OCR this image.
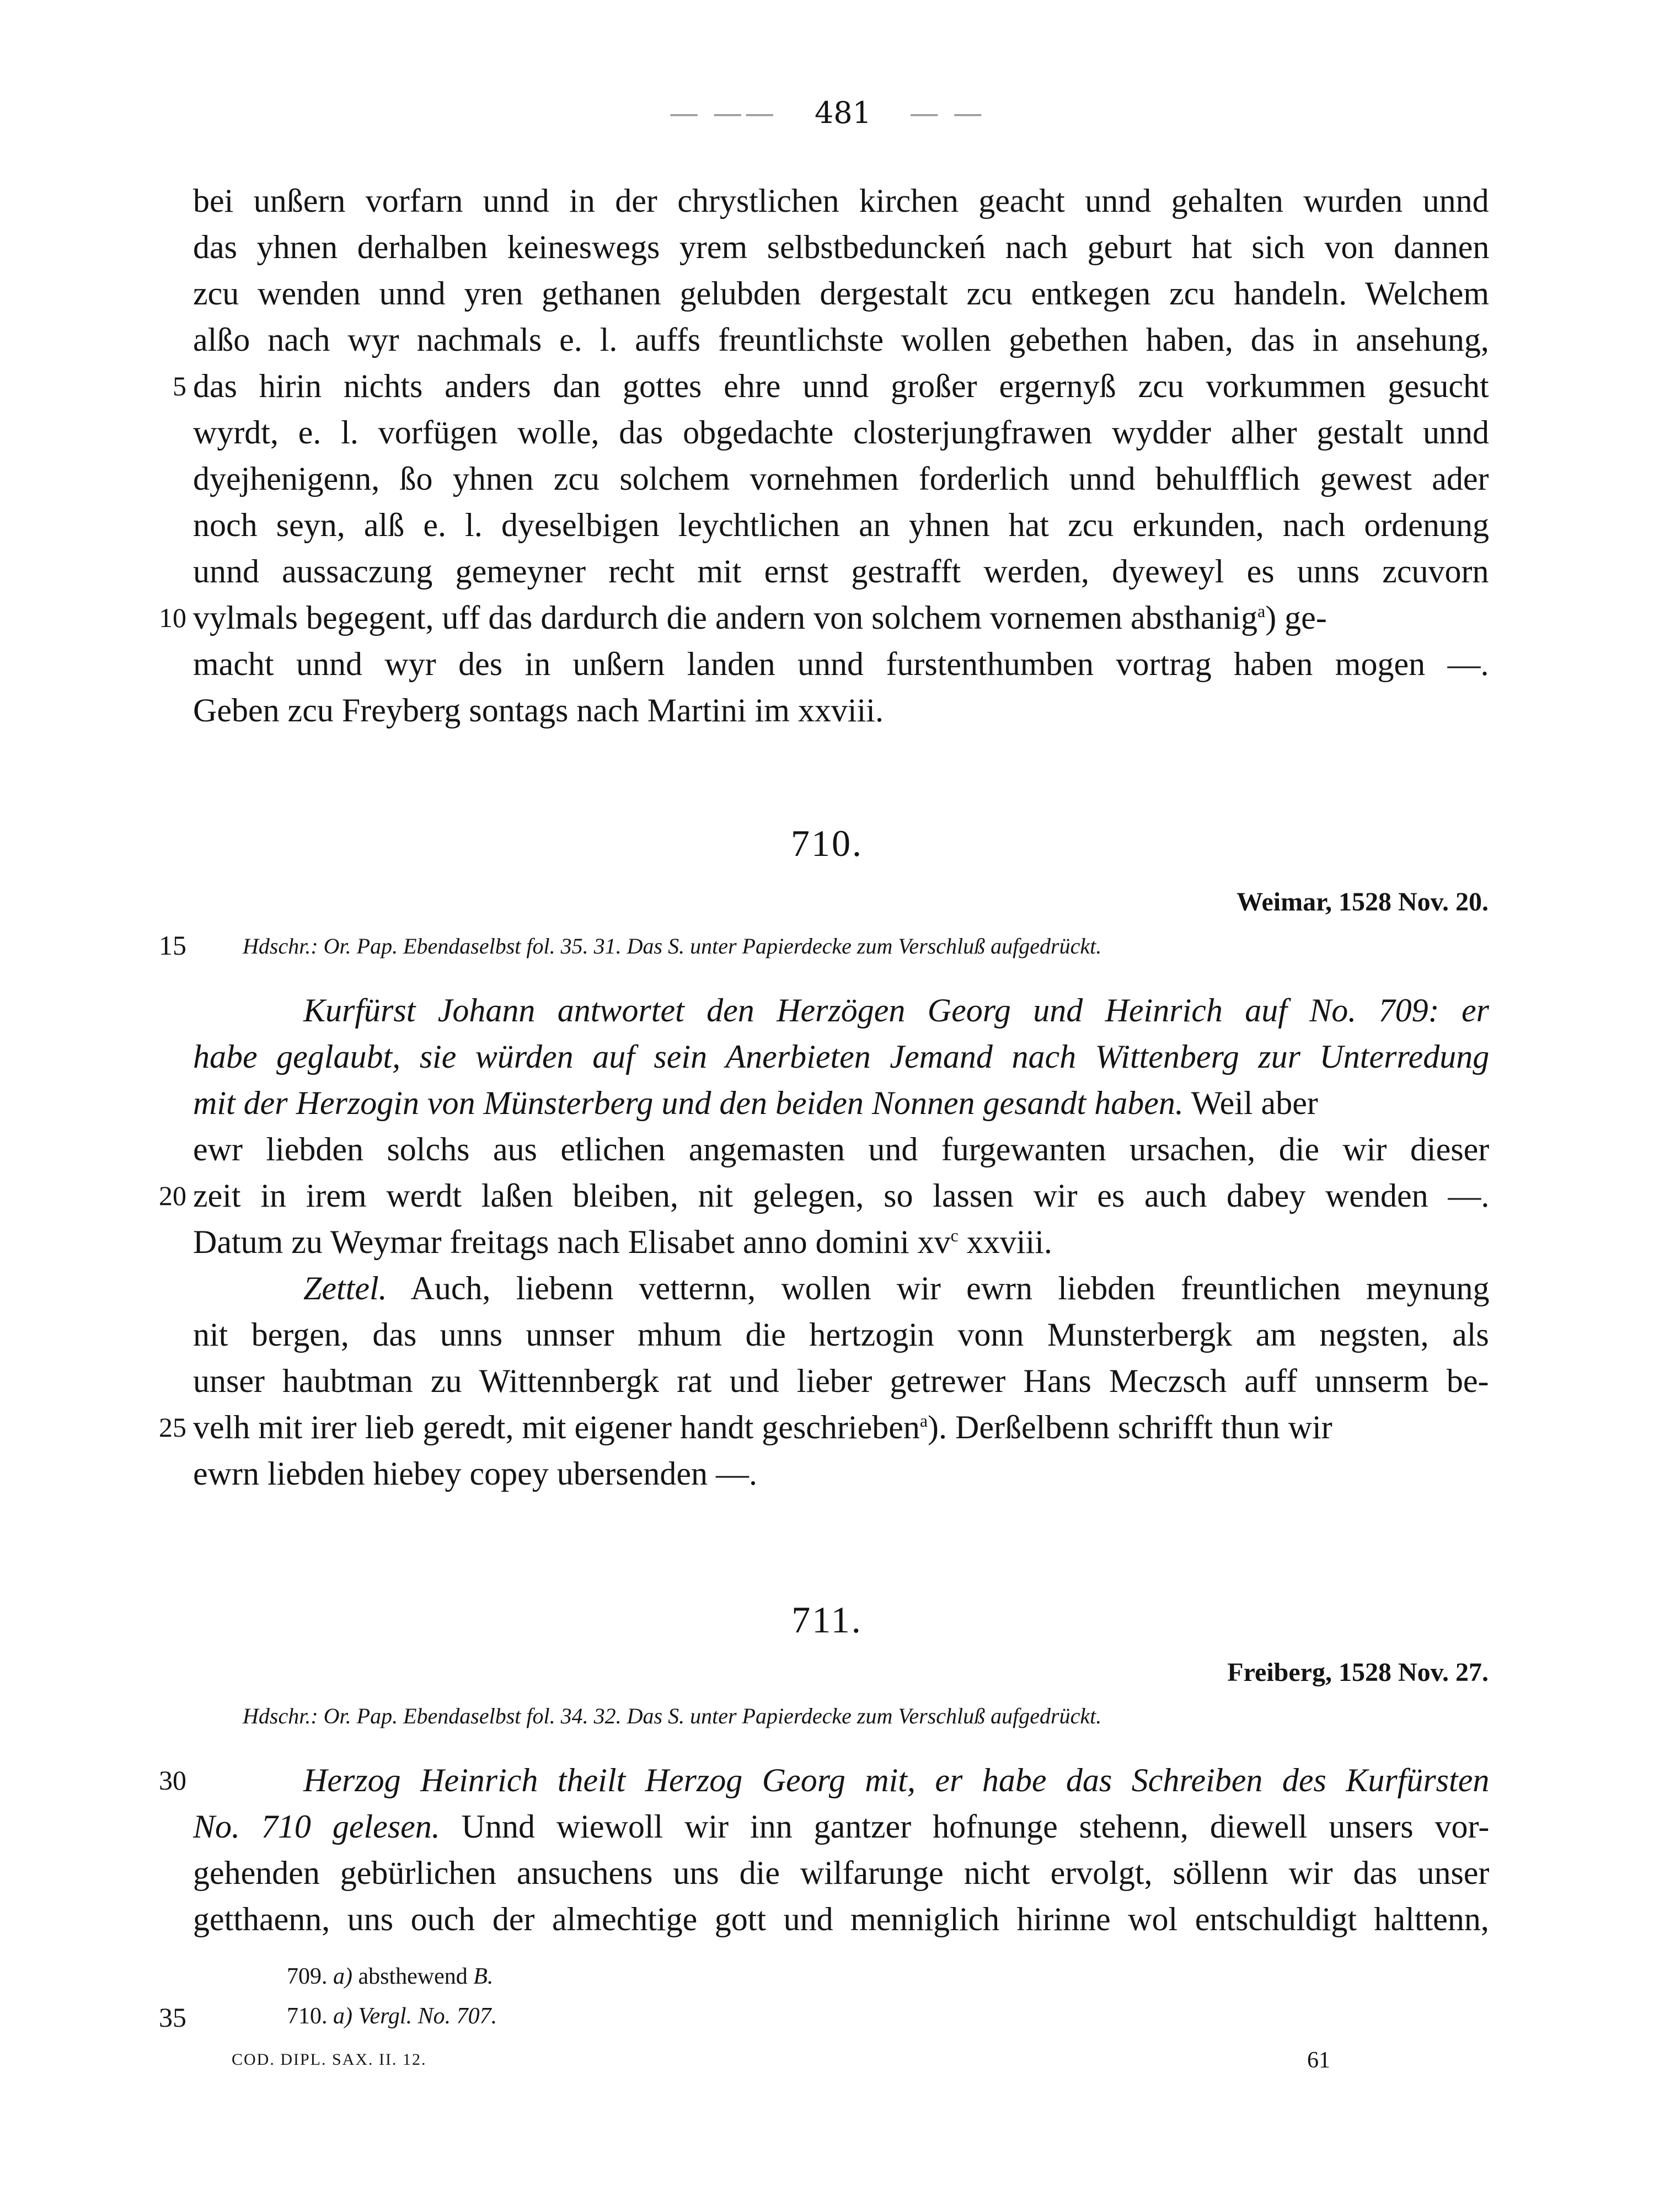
— —— 481 — —
bei unßern vorfarn unnd in der chrystlichen kirchen geacht unnd gehalten wurden unnd
das yhnen derhalben keineswegs yrem selbstbedunckeń nach geburt hat sich von dannen
zcu wenden unnd yren gethanen gelubden dergestalt zcu entkegen zcu handeln. Welchem
alßo nach wyr nachmals e. l. auffs freuntlichste wollen gebethen haben, das in ansehung,
das hirin nichts anders dan gottes ehre unnd großer ergernyß zcu vorkummen gesucht
wyrdt, e. l. vorfügen wolle, das obgedachte closterjungfrawen wydder alher gestalt unnd
dyejhenigenn, ßo yhnen zcu solchem vornehmen forderlich unnd behulfflich gewest ader
noch seyn, alß e. l. dyeselbigen leychtlichen an yhnen hat zcu erkunden, nach ordenung
unnd aussaczung gemeyner recht mit ernst gestrafft werden, dyeweyl es unns zcuvorn
vylmals begegent, uff das dardurch die andern von solchem vornemen absthanig$^a$) ge-
macht unnd wyr des in unßern landen unnd furstenthumben vortrag haben mogen —.
Geben zcu Freyberg sontags nach Martini im xxviii.
5
10
710.
Weimar, 1528 Nov. 20.
15	Hdschr.: Or. Pap. Ebendaselbst fol. 35. 31. Das S. unter Papierdecke zum Verschluß aufgedrückt.
Kurfürst Johann antwortet den Herzögen Georg und Heinrich auf No. 709: er
habe geglaubt, sie würden auf sein Anerbieten Jemand nach Wittenberg zur Unterredung
mit der Herzogin von Münsterberg und den beiden Nonnen gesandt haben. Weil aber
ewr liebden solchs aus etlichen angemasten und furgewanten ursachen, die wir dieser
zeit in irem werdt laßen bleiben, nit gelegen, so lassen wir es auch dabey wenden —.
Datum zu Weymar freitags nach Elisabet anno domini xv$^c$ xxviii.
Zettel. Auch, liebenn vetternn, wollen wir ewrn liebden freuntlichen meynung
nit bergen, das unns unnser mhum die hertzogin vonn Munsterbergk am negsten, als
unser haubtman zu Wittennbergk rat und lieber getrewer Hans Meczsch auff unnserm be-
velh mit irer lieb geredt, mit eigener handt geschrieben$^a$). Derßelbenn schrifft thun wir
ewrn liebden hiebey copey ubersenden —.
20
25
711.
Freiberg, 1528 Nov. 27.
Hdschr.: Or. Pap. Ebendaselbst fol. 34. 32. Das S. unter Papierdecke zum Verschluß aufgedrückt.
Herzog Heinrich theilt Herzog Georg mit, er habe das Schreiben des Kurfürsten
No. 710 gelesen. Unnd wiewoll wir inn gantzer hofnunge stehenn, diewell unsers vor-
gehenden gebürlichen ansuchens uns die wilfarunge nicht ervolgt, söllenn wir das unser
getthaenn, uns ouch der almechtige gott und menniglich hirinne wol entschuldigt halttenn,
30
709. a) absthewend B.
35	710. a) Vergl. No. 707.
COD. DIPL. SAX. II. 12.	61
